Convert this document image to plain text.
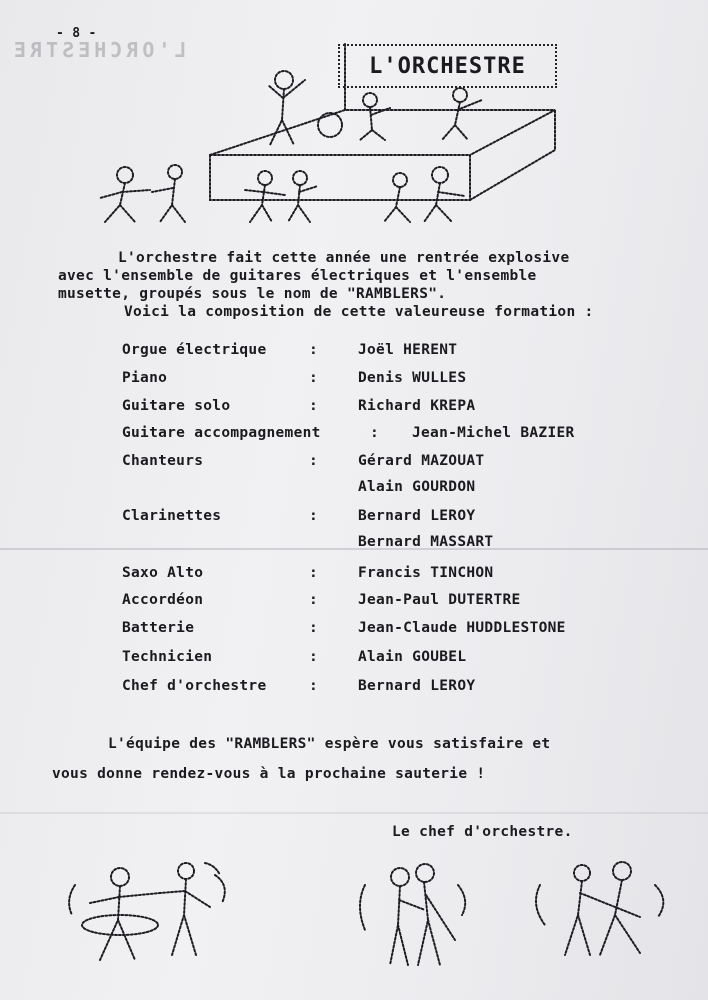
L'ORCHESTRE
- 8 -
L'ORCHESTRE
L'orchestre fait cette année une rentrée explosive
avec l'ensemble de guitares électriques et l'ensemble
musette, groupés sous le nom de "RAMBLERS".
Voici la composition de cette valeureuse formation :
Orgue électrique	:	Joël HERENT
Piano	:	Denis WULLES
Guitare solo	:	Richard KREPA
Guitare accompagnement	: Jean-Michel BAZIER
Chanteurs	:	Gérard MAZOUAT
Alain GOURDON
Clarinettes	:	Bernard LEROY
Bernard MASSART
Saxo Alto	:	Francis TINCHON
Accordéon	:	Jean-Paul DUTERTRE
Batterie	:	Jean-Claude HUDDLESTONE
Technicien	:	Alain GOUBEL
Chef d'orchestre	:	Bernard LEROY
L'équipe des "RAMBLERS" espère vous satisfaire et
vous donne rendez-vous à la prochaine sauterie !
Le chef d'orchestre.
